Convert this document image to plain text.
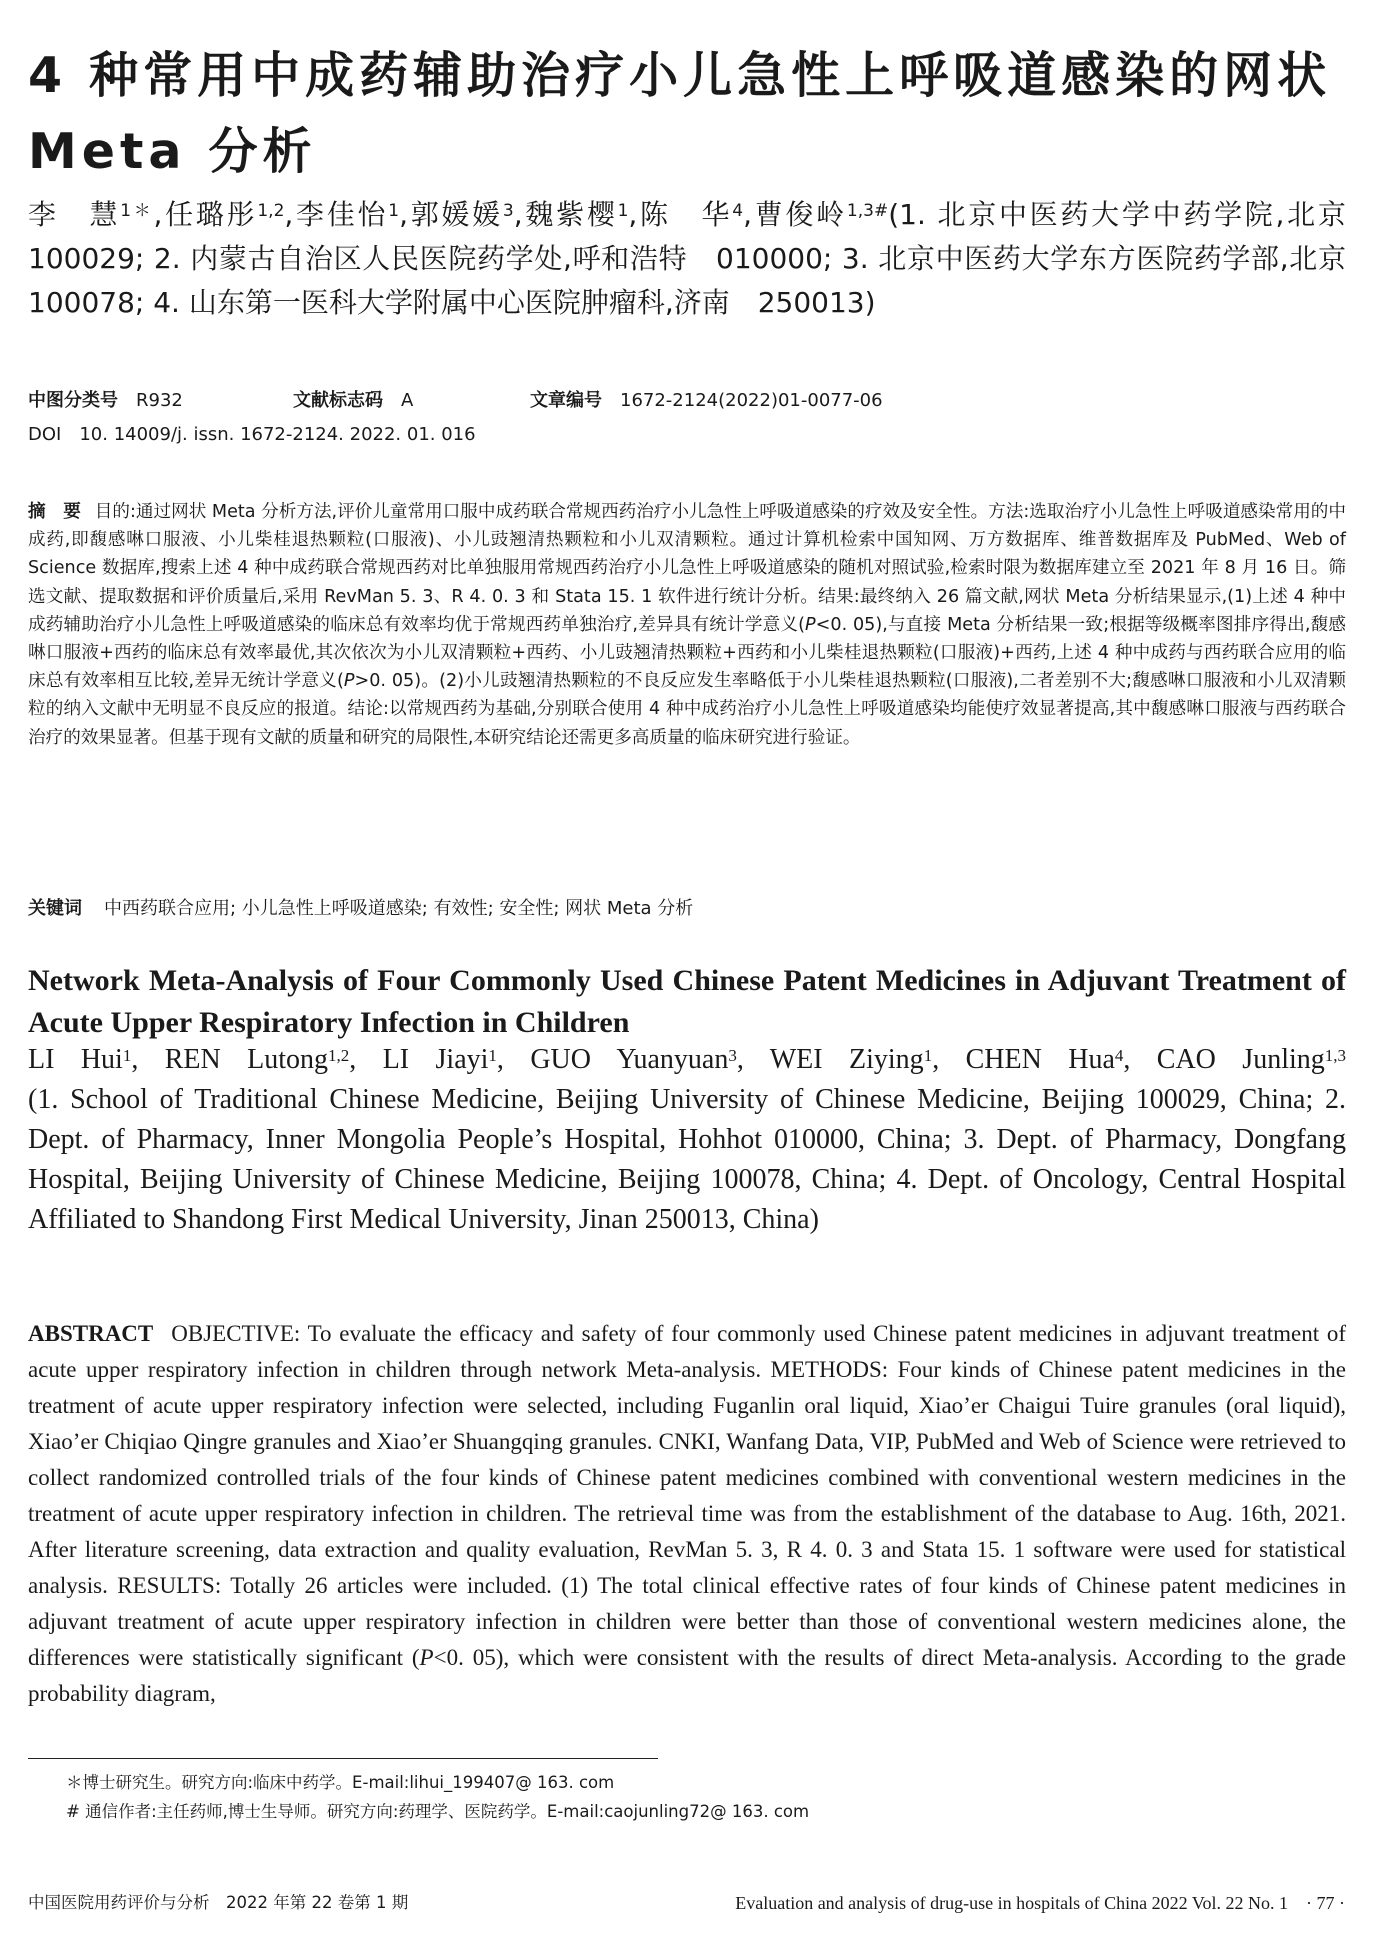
4 种常用中成药辅助治疗小儿急性上呼吸道感染的网状 Meta 分析
李　慧$^{1*}$,任璐彤$^{1,2}$,李佳怡$^1$,郭媛媛$^3$,魏紫樱$^1$,陈　华$^4$,曹俊岭$^{1,3\#}$(1. 北京中医药大学中药学院,北京 100029; 2. 内蒙古自治区人民医院药学处,呼和浩特　010000; 3. 北京中医药大学东方医院药学部,北京 100078; 4. 山东第一医科大学附属中心医院肿瘤科,济南　250013)
中图分类号 R932	文献标志码 A	文章编号 1672-2124(2022)01-0077-06
DOI 10. 14009/j. issn. 1672-2124. 2022. 01. 016
摘　要 目的:通过网状 Meta 分析方法,评价儿童常用口服中成药联合常规西药治疗小儿急性上呼吸道感染的疗效及安全性。方法:选取治疗小儿急性上呼吸道感染常用的中成药,即馥感啉口服液、小儿柴桂退热颗粒(口服液)、小儿豉翘清热颗粒和小儿双清颗粒。通过计算机检索中国知网、万方数据库、维普数据库及 PubMed、Web of Science 数据库,搜索上述 4 种中成药联合常规西药对比单独服用常规西药治疗小儿急性上呼吸道感染的随机对照试验,检索时限为数据库建立至 2021 年 8 月 16 日。筛选文献、提取数据和评价质量后,采用 RevMan 5. 3、R 4. 0. 3 和 Stata 15. 1 软件进行统计分析。结果:最终纳入 26 篇文献,网状 Meta 分析结果显示,(1)上述 4 种中成药辅助治疗小儿急性上呼吸道感染的临床总有效率均优于常规西药单独治疗,差异具有统计学意义(P<0. 05),与直接 Meta 分析结果一致;根据等级概率图排序得出,馥感啉口服液+西药的临床总有效率最优,其次依次为小儿双清颗粒+西药、小儿豉翘清热颗粒+西药和小儿柴桂退热颗粒(口服液)+西药,上述 4 种中成药与西药联合应用的临床总有效率相互比较,差异无统计学意义(P>0. 05)。(2)小儿豉翘清热颗粒的不良反应发生率略低于小儿柴桂退热颗粒(口服液),二者差别不大;馥感啉口服液和小儿双清颗粒的纳入文献中无明显不良反应的报道。结论:以常规西药为基础,分别联合使用 4 种中成药治疗小儿急性上呼吸道感染均能使疗效显著提高,其中馥感啉口服液与西药联合治疗的效果显著。但基于现有文献的质量和研究的局限性,本研究结论还需更多高质量的临床研究进行验证。
关键词 中西药联合应用; 小儿急性上呼吸道感染; 有效性; 安全性; 网状 Meta 分析
Network Meta-Analysis of Four Commonly Used Chinese Patent Medicines in Adjuvant Treatment of Acute Upper Respiratory Infection in Children
LI Hui$^1$, REN Lutong$^{1,2}$, LI Jiayi$^1$, GUO Yuanyuan$^3$, WEI Ziying$^1$, CHEN Hua$^4$, CAO Junling$^{1,3}$
(1. School of Traditional Chinese Medicine, Beijing University of Chinese Medicine, Beijing 100029, China; 2. Dept. of Pharmacy, Inner Mongolia People’s Hospital, Hohhot 010000, China; 3. Dept. of Pharmacy, Dongfang Hospital, Beijing University of Chinese Medicine, Beijing 100078, China; 4. Dept. of Oncology, Central Hospital Affiliated to Shandong First Medical University, Jinan 250013, China)
ABSTRACT OBJECTIVE: To evaluate the efficacy and safety of four commonly used Chinese patent medicines in adjuvant treatment of acute upper respiratory infection in children through network Meta-analysis. METHODS: Four kinds of Chinese patent medicines in the treatment of acute upper respiratory infection were selected, including Fuganlin oral liquid, Xiao’er Chaigui Tuire granules (oral liquid), Xiao’er Chiqiao Qingre granules and Xiao’er Shuangqing granules. CNKI, Wanfang Data, VIP, PubMed and Web of Science were retrieved to collect randomized controlled trials of the four kinds of Chinese patent medicines combined with conventional western medicines in the treatment of acute upper respiratory infection in children. The retrieval time was from the establishment of the database to Aug. 16th, 2021. After literature screening, data extraction and quality evaluation, RevMan 5. 3, R 4. 0. 3 and Stata 15. 1 software were used for statistical analysis. RESULTS: Totally 26 articles were included. (1) The total clinical effective rates of four kinds of Chinese patent medicines in adjuvant treatment of acute upper respiratory infection in children were better than those of conventional western medicines alone, the differences were statistically significant (P<0. 05), which were consistent with the results of direct Meta-analysis. According to the grade probability diagram,
＊博士研究生。研究方向:临床中药学。E-mail:lihui_199407@ 163. com
# 通信作者:主任药师,博士生导师。研究方向:药理学、医院药学。E-mail:caojunling72@ 163. com
中国医院用药评价与分析　2022 年第 22 卷第 1 期	Evaluation and analysis of drug-use in hospitals of China 2022 Vol. 22 No. 1　· 77 ·
